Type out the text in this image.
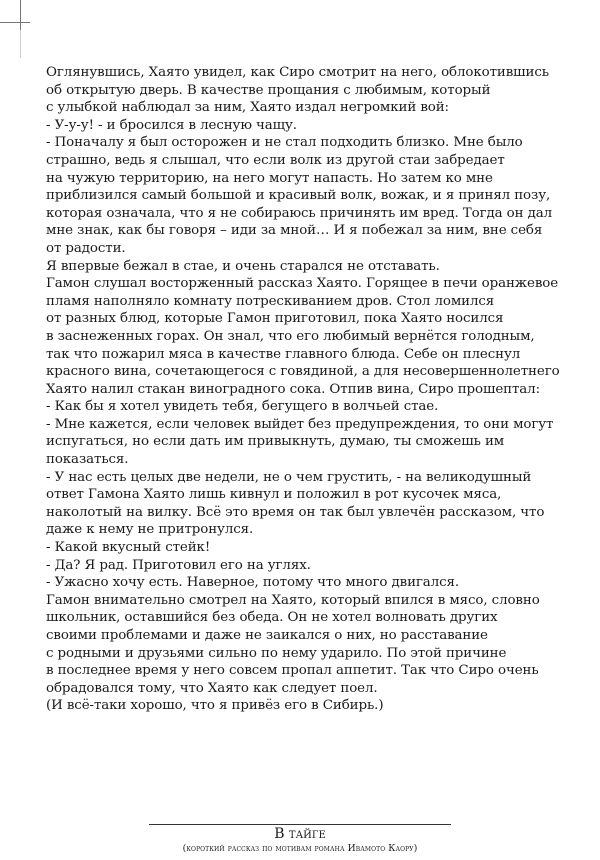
Оглянувшись, Хаято увидел, как Сиро смотрит на него, облокотившись
об открытую дверь. В качестве прощания с любимым, который
с улыбкой наблюдал за ним, Хаято издал негромкий вой:
- У-у-у! - и бросился в лесную чащу.
- Поначалу я был осторожен и не стал подходить близко. Мне было
страшно, ведь я слышал, что если волк из другой стаи забредает
на чужую территорию, на него могут напасть. Но затем ко мне
приблизился самый большой и красивый волк, вожак, и я принял позу,
которая означала, что я не собираюсь причинять им вред. Тогда он дал
мне знак, как бы говоря – иди за мной… И я побежал за ним, вне себя
от радости.
Я впервые бежал в стае, и очень старался не отставать.
Гамон слушал восторженный рассказ Хаято. Горящее в печи оранжевое
пламя наполняло комнату потрескиванием дров. Стол ломился
от разных блюд, которые Гамон приготовил, пока Хаято носился
в заснеженных горах. Он знал, что его любимый вернётся голодным,
так что пожарил мяса в качестве главного блюда. Себе он плеснул
красного вина, сочетающегося с говядиной, а для несовершеннолетнего
Хаято налил стакан виноградного сока. Отпив вина, Сиро прошептал:
- Как бы я хотел увидеть тебя, бегущего в волчьей стае.
- Мне кажется, если человек выйдет без предупреждения, то они могут
испугаться, но если дать им привыкнуть, думаю, ты сможешь им
показаться.
- У нас есть целых две недели, не о чем грустить, - на великодушный
ответ Гамона Хаято лишь кивнул и положил в рот кусочек мяса,
наколотый на вилку. Всё это время он так был увлечён рассказом, что
даже к нему не притронулся.
- Какой вкусный стейк!
- Да? Я рад. Приготовил его на углях.
- Ужасно хочу есть. Наверное, потому что много двигался.
Гамон внимательно смотрел на Хаято, который впился в мясо, словно
школьник, оставшийся без обеда. Он не хотел волновать других
своими проблемами и даже не заикался о них, но расставание
с родными и друзьями сильно по нему ударило. По этой причине
в последнее время у него совсем пропал аппетит. Так что Сиро очень
обрадовался тому, что Хаято как следует поел.
(И всё-таки хорошо, что я привёз его в Сибирь.)
В тайге
(короткий рассказ по мотивам романа Ивамото Каору)
